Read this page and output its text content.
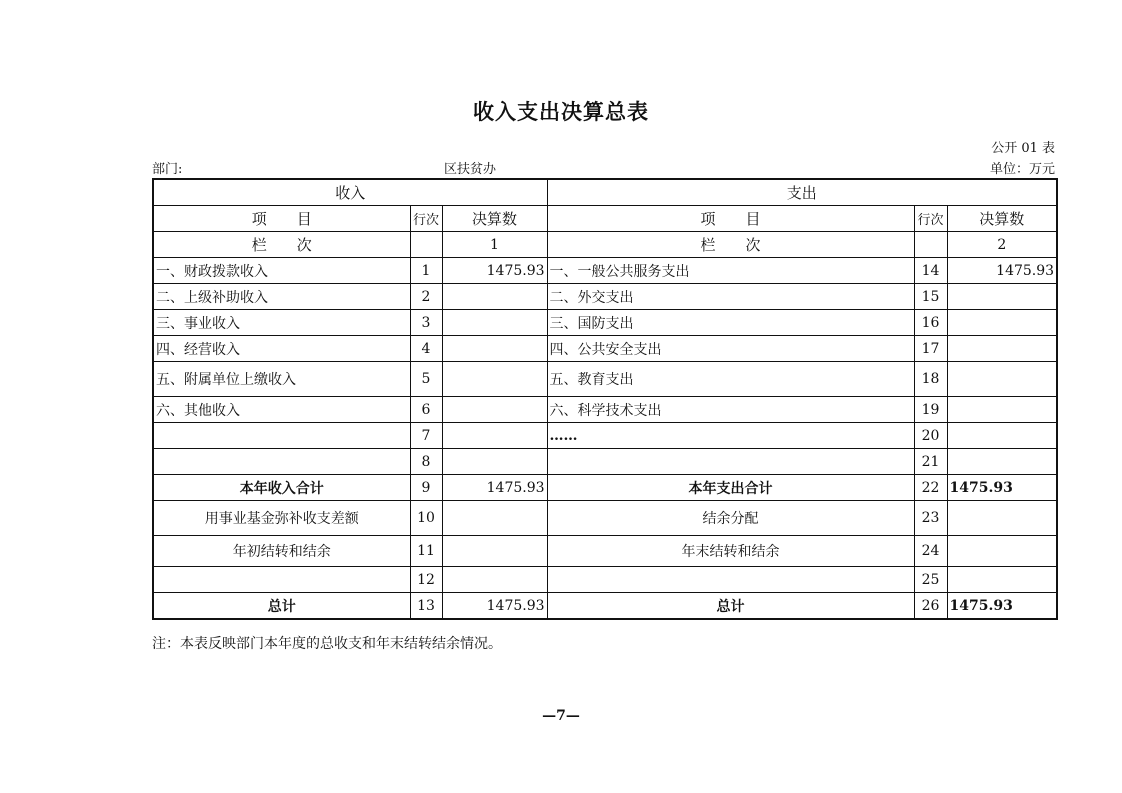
收入支出决算总表
公开 01 表
部门:	区扶贫办	单位：万元
收入			支出		
项　　目	行次	决算数	项　　目	行次	决算数
栏　　次		1	栏　　次		2
一、财政拨款收入	1	1475.93	一、一般公共服务支出	14	1475.93
二、上级补助收入	2		二、外交支出	15	
三、事业收入	3		三、国防支出	16	
四、经营收入	4		四、公共安全支出	17	
五、附属单位上缴收入	5		五、教育支出	18	
六、其他收入	6		六、科学技术支出	19	
	7		……	20	
	8			21	
本年收入合计	9	1475.93	本年支出合计	22	1475.93
用事业基金弥补收支差额	10		结余分配	23	
年初结转和结余	11		年末结转和结余	24	
	12			25	
总计	13	1475.93	总计	26	1475.93
注：本表反映部门本年度的总收支和年末结转结余情况。
—7—
